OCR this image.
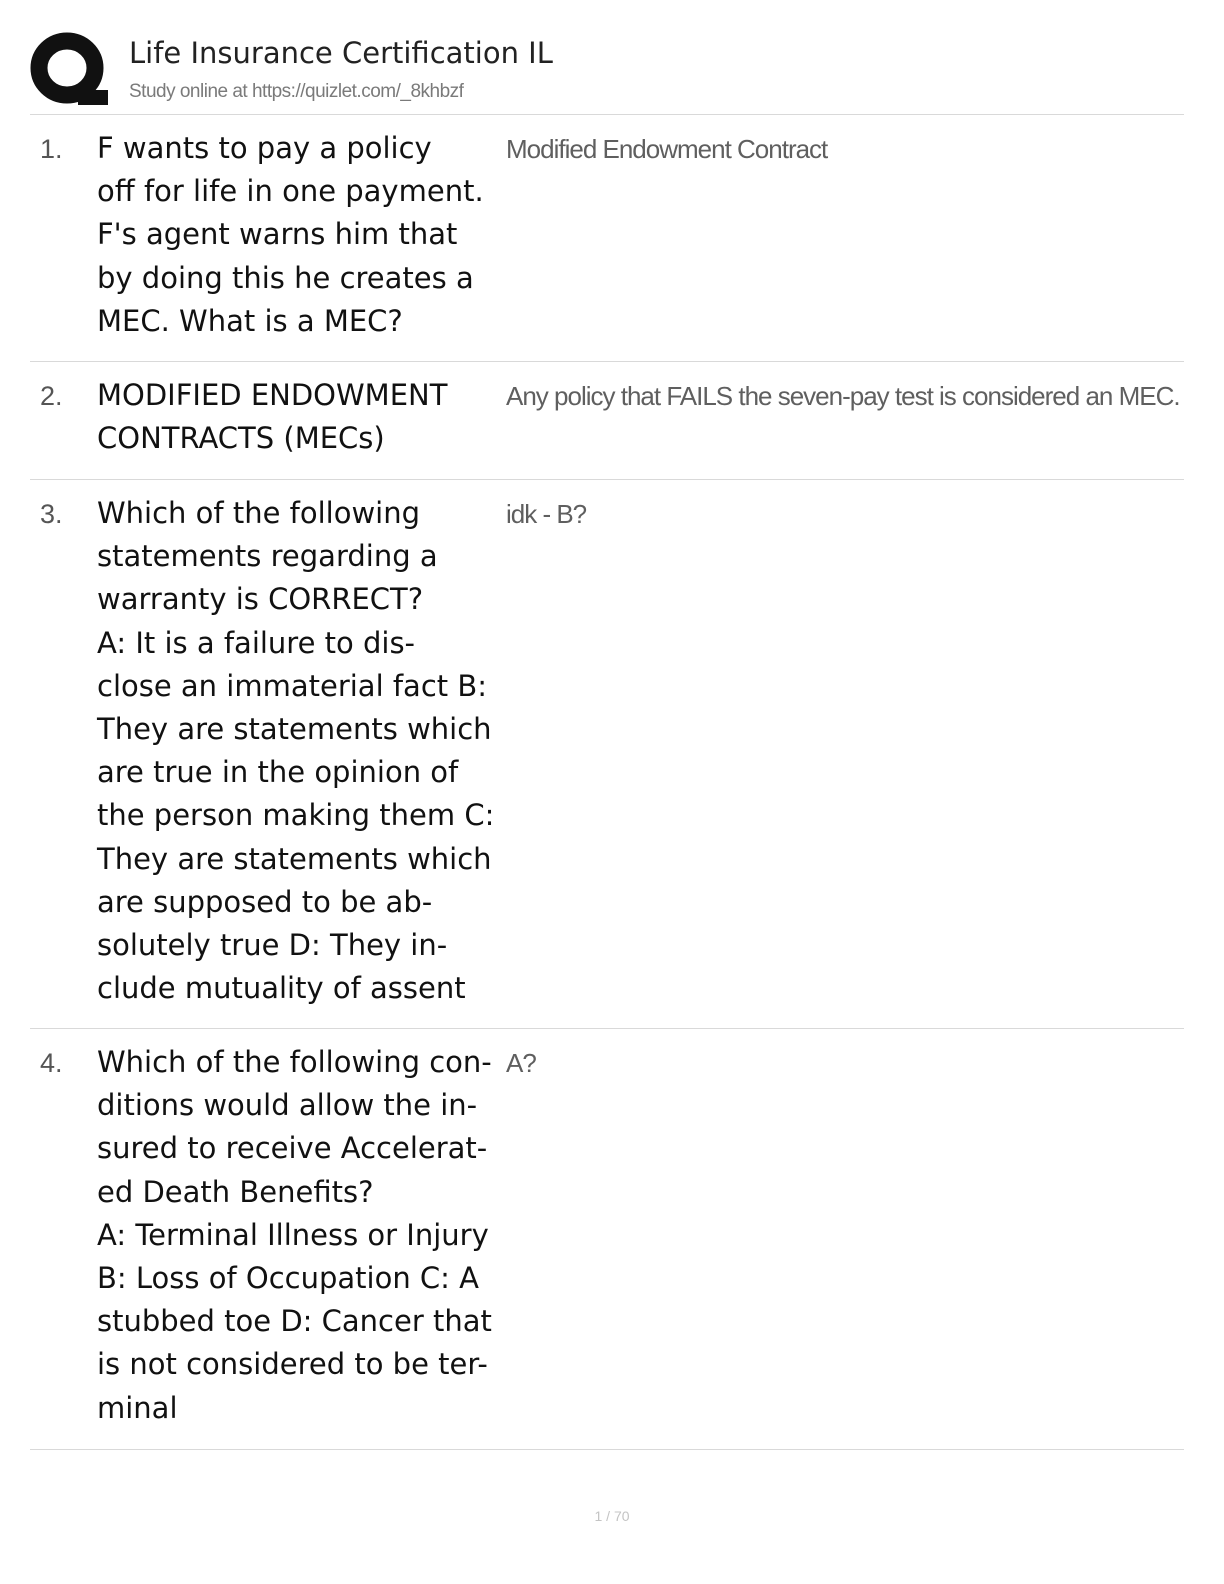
Life Insurance Certification IL
Study online at https://quizlet.com/_8khbzf
1. F wants to pay a policy
off for life in one payment.
F's agent warns him that
by doing this he creates a
MEC. What is a MEC?
Modified Endowment Contract
2. MODIFIED ENDOWMENT
CONTRACTS (MECs)
Any policy that FAILS the seven-pay test is considered an MEC.
3. Which of the following
statements regarding a
warranty is CORRECT?
A: It is a failure to dis-
close an immaterial fact B:
They are statements which
are true in the opinion of
the person making them C:
They are statements which
are supposed to be ab-
solutely true D: They in-
clude mutuality of assent
idk - B?
4. Which of the following con-
ditions would allow the in-
sured to receive Accelerat-
ed Death Benefits?
A: Terminal Illness or Injury
B: Loss of Occupation C: A
stubbed toe D: Cancer that
is not considered to be ter-
minal
A?
1 / 70
